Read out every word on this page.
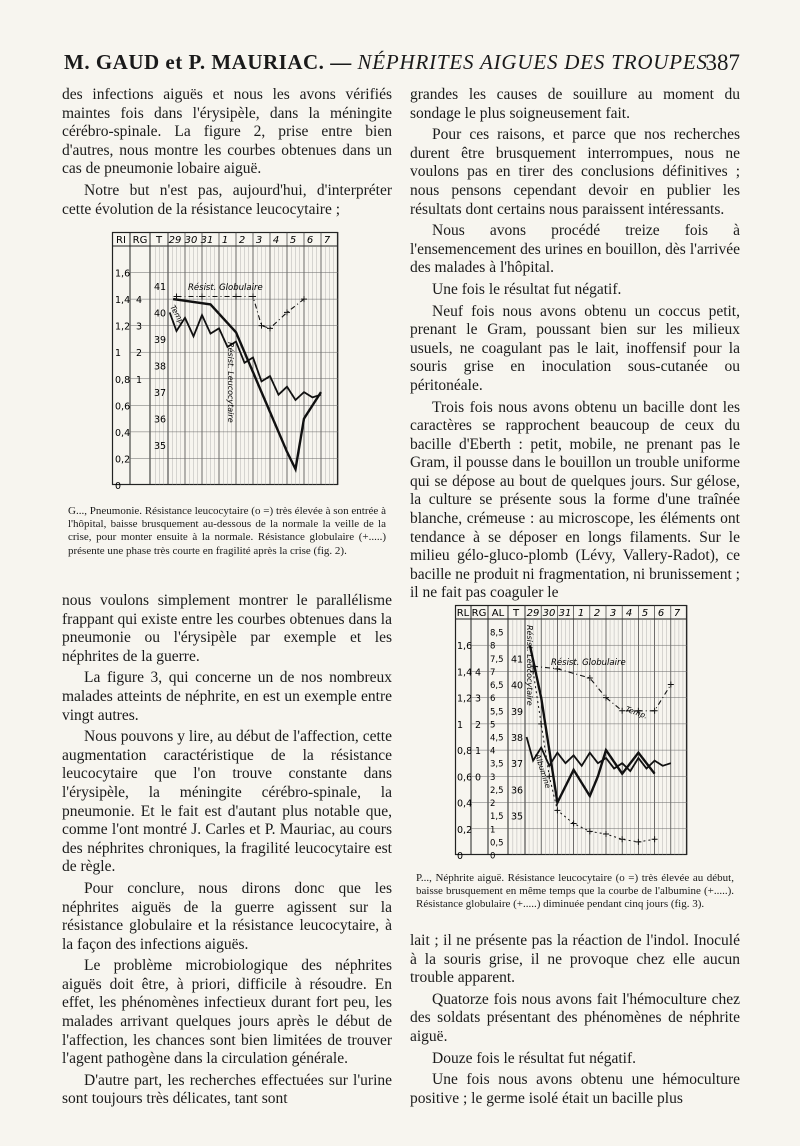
M. GAUD et P. MAURIAC. — NÉPHRITES AIGUES DES TROUPES
387

des infections aiguës et nous les avons vérifiés maintes fois dans l'érysipèle, dans la méningite cérébro-spinale. La figure 2, prise entre bien d'autres, nous montre les courbes obtenues dans un cas de pneumonie lobaire aiguë.

Notre but n'est pas, aujourd'hui, d'interpréter cette évolution de la résistance leucocytaire ;

RI RG T 29 30 31 1 2 3 4 5 6 7
1,6
1,4
1,2
1
0,8
0,6
0,4
0,2
0
4
3
2
1
41
40
39
38
37
36
35
Résist. Globulaire
Temp.
Résist. Leucocytaire
G..., Pneumonie. Résistance leucocytaire (o =) très élevée à son entrée à l'hôpital, baisse brusquement au-dessous de la normale la veille de la crise, pour monter ensuite à la normale. Résistance globulaire (+.....) présente une phase très courte en fragilité après la crise (fig. 2).

nous voulons simplement montrer le parallélisme frappant qui existe entre les courbes obtenues dans la pneumonie ou l'érysipèle par exemple et les néphrites de la guerre.

La figure 3, qui concerne un de nos nombreux malades atteints de néphrite, en est un exemple entre vingt autres.

Nous pouvons y lire, au début de l'affection, cette augmentation caractéristique de la résistance leucocytaire que l'on trouve constante dans l'érysipèle, la méningite cérébro-spinale, la pneumonie. Et le fait est d'autant plus notable que, comme l'ont montré J. Carles et P. Mauriac, au cours des néphrites chroniques, la fragilité leucocytaire est de règle.

Pour conclure, nous dirons donc que les néphrites aiguës de la guerre agissent sur la résistance globulaire et la résistance leucocytaire, à la façon des infections aiguës.

Le problème microbiologique des néphrites aiguës doit être, à priori, difficile à résoudre. En effet, les phénomènes infectieux durant fort peu, les malades arrivant quelques jours après le début de l'affection, les chances sont bien limitées de trouver l'agent pathogène dans la circulation générale.

D'autre part, les recherches effectuées sur l'urine sont toujours très délicates, tant sont

grandes les causes de souillure au moment du sondage le plus soigneusement fait.

Pour ces raisons, et parce que nos recherches durent être brusquement interrompues, nous ne voulons pas en tirer des conclusions définitives ; nous pensons cependant devoir en publier les résultats dont certains nous paraissent intéressants.

Nous avons procédé treize fois à l'ensemencement des urines en bouillon, dès l'arrivée des malades à l'hôpital.

Une fois le résultat fut négatif.

Neuf fois nous avons obtenu un coccus petit, prenant le Gram, poussant bien sur les milieux usuels, ne coagulant pas le lait, inoffensif pour la souris grise en inoculation sous-cutanée ou péritonéale.

Trois fois nous avons obtenu un bacille dont les caractères se rapprochent beaucoup de ceux du bacille d'Eberth : petit, mobile, ne prenant pas le Gram, il pousse dans le bouillon un trouble uniforme qui se dépose au bout de quelques jours. Sur gélose, la culture se présente sous la forme d'une traînée blanche, crémeuse : au microscope, les éléments ont tendance à se déposer en longs filaments. Sur le milieu gélo-gluco-plomb (Lévy, Vallery-Radot), ce bacille ne produit ni fragmentation, ni brunissement ; il ne fait pas coaguler le

RL RG AL T 29 30 31 1 2 3 4 5 6 7
1,6
1,4
1,2
1
0,8
0,6
0,4
0,2
0
4
3
2
1
0
8,5
8
7,5
7
6,5
6
5,5
5
4,5
4
3,5
3
2,5
2
1,5
1
0,5
0
41
40
39
38
37
36
35
Résist. Globulaire
Temp.
Résist. Leucocytaire
Albumine
P..., Néphrite aiguë. Résistance leucocytaire (o =) très élevée au début, baisse brusquement en même temps que la courbe de l'albumine (+.....). Résistance globulaire (+.....) diminuée pendant cinq jours (fig. 3).

lait ; il ne présente pas la réaction de l'indol. Inoculé à la souris grise, il ne provoque chez elle aucun trouble apparent.

Quatorze fois nous avons fait l'hémoculture chez des soldats présentant des phénomènes de néphrite aiguë.

Douze fois le résultat fut négatif.

Une fois nous avons obtenu une hémoculture positive ; le germe isolé était un bacille plus
